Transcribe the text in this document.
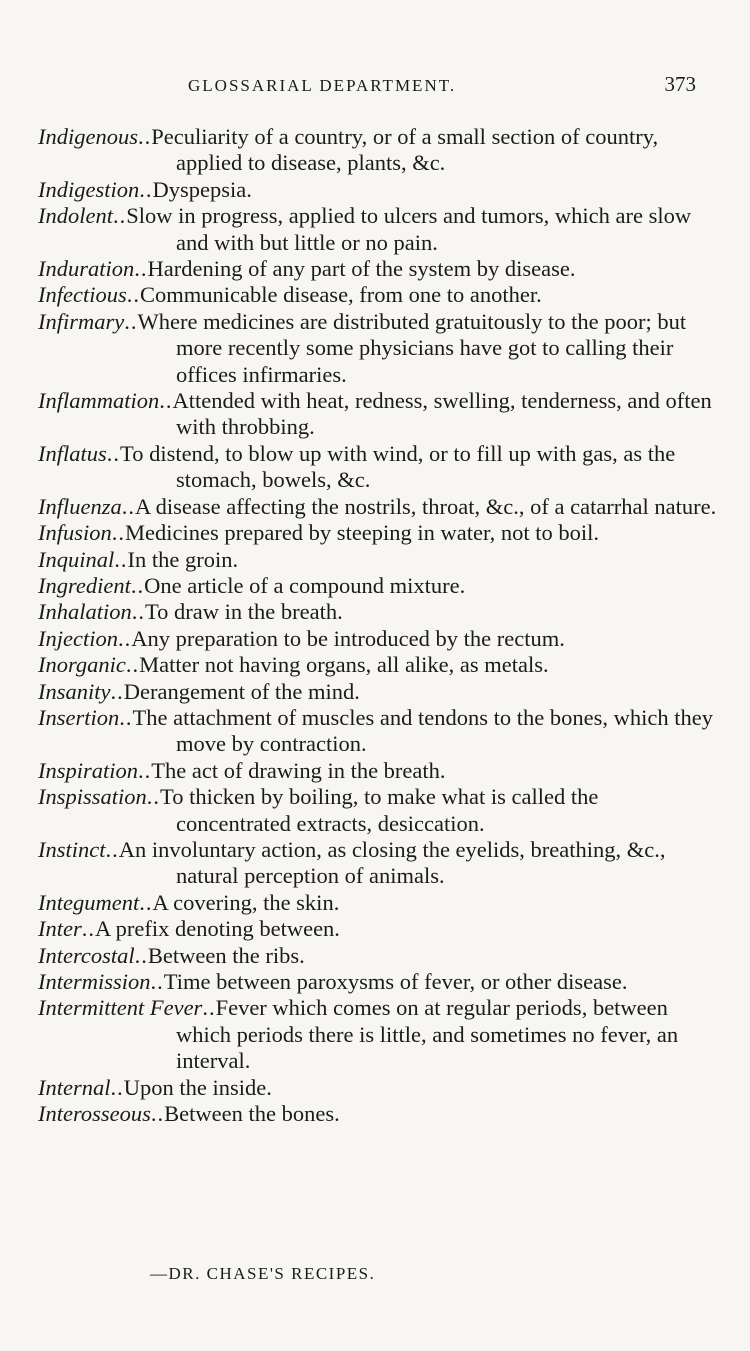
GLOSSARIAL DEPARTMENT.	373

Indigenous..Peculiarity of a country, or of a small section of country, applied to disease, plants, &c.

Indigestion..Dyspepsia.

Indolent..Slow in progress, applied to ulcers and tumors, which are slow and with but little or no pain.

Induration..Hardening of any part of the system by disease.

Infectious..Communicable disease, from one to another.

Infirmary..Where medicines are distributed gratuitously to the poor; but more recently some physicians have got to calling their offices infirmaries.

Inflammation..Attended with heat, redness, swelling, tenderness, and often with throbbing.

Inflatus..To distend, to blow up with wind, or to fill up with gas, as the stomach, bowels, &c.

Influenza..A disease affecting the nostrils, throat, &c., of a catarrhal nature.

Infusion..Medicines prepared by steeping in water, not to boil.

Inquinal..In the groin.

Ingredient..One article of a compound mixture.

Inhalation..To draw in the breath.

Injection..Any preparation to be introduced by the rectum.

Inorganic..Matter not having organs, all alike, as metals.

Insanity..Derangement of the mind.

Insertion..The attachment of muscles and tendons to the bones, which they move by contraction.

Inspiration..The act of drawing in the breath.

Inspissation..To thicken by boiling, to make what is called the concentrated extracts, desiccation.

Instinct..An involuntary action, as closing the eyelids, breathing, &c., natural perception of animals.

Integument..A covering, the skin.

Inter..A prefix denoting between.

Intercostal..Between the ribs.

Intermission..Time between paroxysms of fever, or other disease.

Intermittent Fever..Fever which comes on at regular periods, between which periods there is little, and sometimes no fever, an interval.

Internal..Upon the inside.

Interosseous..Between the bones.

—DR. CHASE'S RECIPES.
